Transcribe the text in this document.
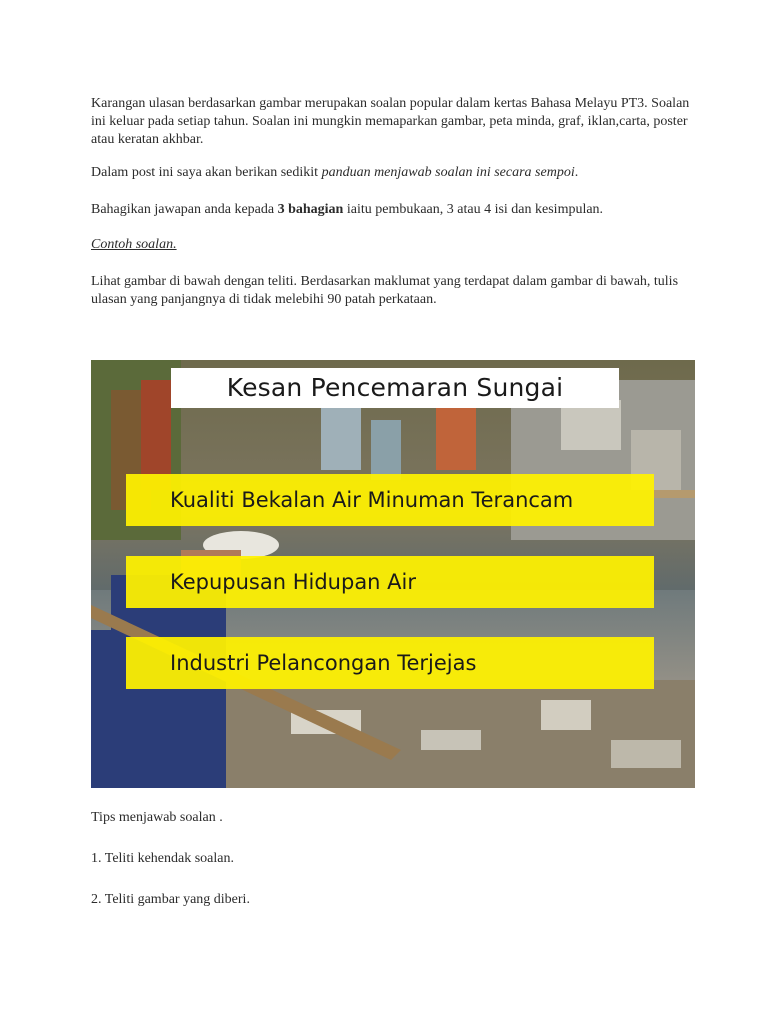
Karangan ulasan berdasarkan gambar merupakan soalan popular dalam kertas Bahasa Melayu PT3. Soalan ini keluar pada setiap tahun. Soalan ini mungkin memaparkan gambar, peta minda, graf, iklan,carta, poster atau keratan akhbar.

Dalam post ini saya akan berikan sedikit panduan menjawab soalan ini secara sempoi.

Bahagikan jawapan anda kepada 3 bahagian iaitu pembukaan, 3 atau 4 isi dan kesimpulan.

Contoh soalan.

Lihat gambar di bawah dengan teliti. Berdasarkan maklumat yang terdapat dalam gambar di bawah, tulis ulasan yang panjangnya di tidak melebihi 90 patah perkataan.

Tips menjawab soalan .

1. Teliti kehendak soalan.

2. Teliti gambar yang diberi.

Kesan Pencemaran Sungai
Kualiti Bekalan Air Minuman Terancam
Kepupusan Hidupan Air
Industri Pelancongan Terjejas
